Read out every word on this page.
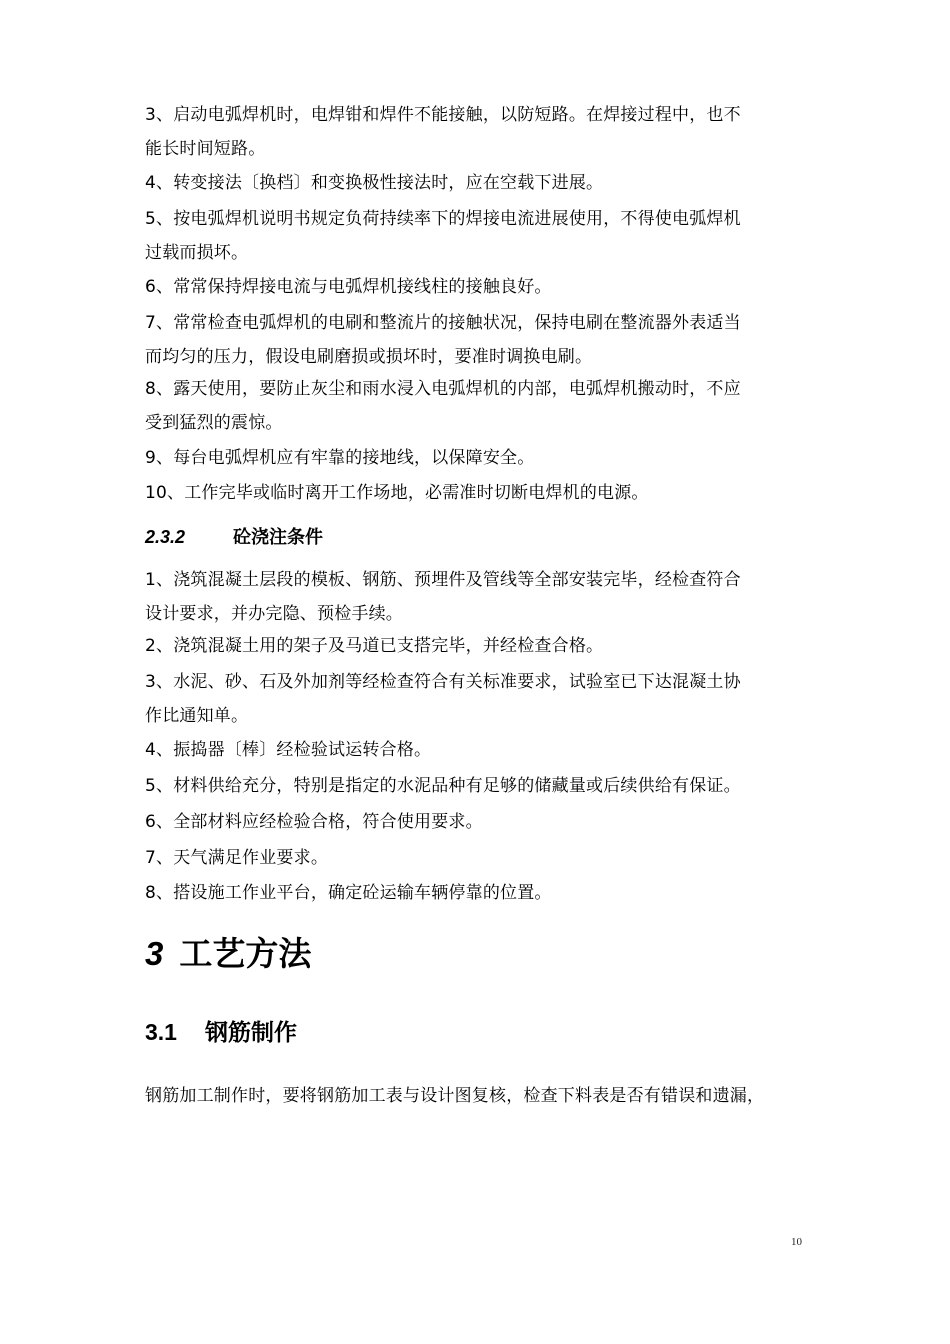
3、启动电弧焊机时，电焊钳和焊件不能接触，以防短路。在焊接过程中，也不
能长时间短路。
4、转变接法〔换档〕和变换极性接法时，应在空载下进展。
5、按电弧焊机说明书规定负荷持续率下的焊接电流进展使用，不得使电弧焊机
过载而损坏。
6、常常保持焊接电流与电弧焊机接线柱的接触良好。
7、常常检查电弧焊机的电刷和整流片的接触状况，保持电刷在整流器外表适当
而均匀的压力，假设电刷磨损或损坏时，要准时调换电刷。
8、露天使用，要防止灰尘和雨水浸入电弧焊机的内部，电弧焊机搬动时，不应
受到猛烈的震惊。
9、每台电弧焊机应有牢靠的接地线，以保障安全。
10、工作完毕或临时离开工作场地，必需准时切断电焊机的电源。
2.3.2	砼浇注条件
1、浇筑混凝土层段的模板、钢筋、预埋件及管线等全部安装完毕，经检查符合
设计要求，并办完隐、预检手续。
2、浇筑混凝土用的架子及马道已支搭完毕，并经检查合格。
3、水泥、砂、石及外加剂等经检查符合有关标准要求，试验室已下达混凝土协
作比通知单。
4、振捣器〔棒〕经检验试运转合格。
5、材料供给充分，特别是指定的水泥品种有足够的储藏量或后续供给有保证。
6、全部材料应经检验合格，符合使用要求。
7、天气满足作业要求。
8、搭设施工作业平台，确定砼运输车辆停靠的位置。
3 工艺方法
3.1 钢筋制作
钢筋加工制作时，要将钢筋加工表与设计图复核，检查下料表是否有错误和遗漏，
10
